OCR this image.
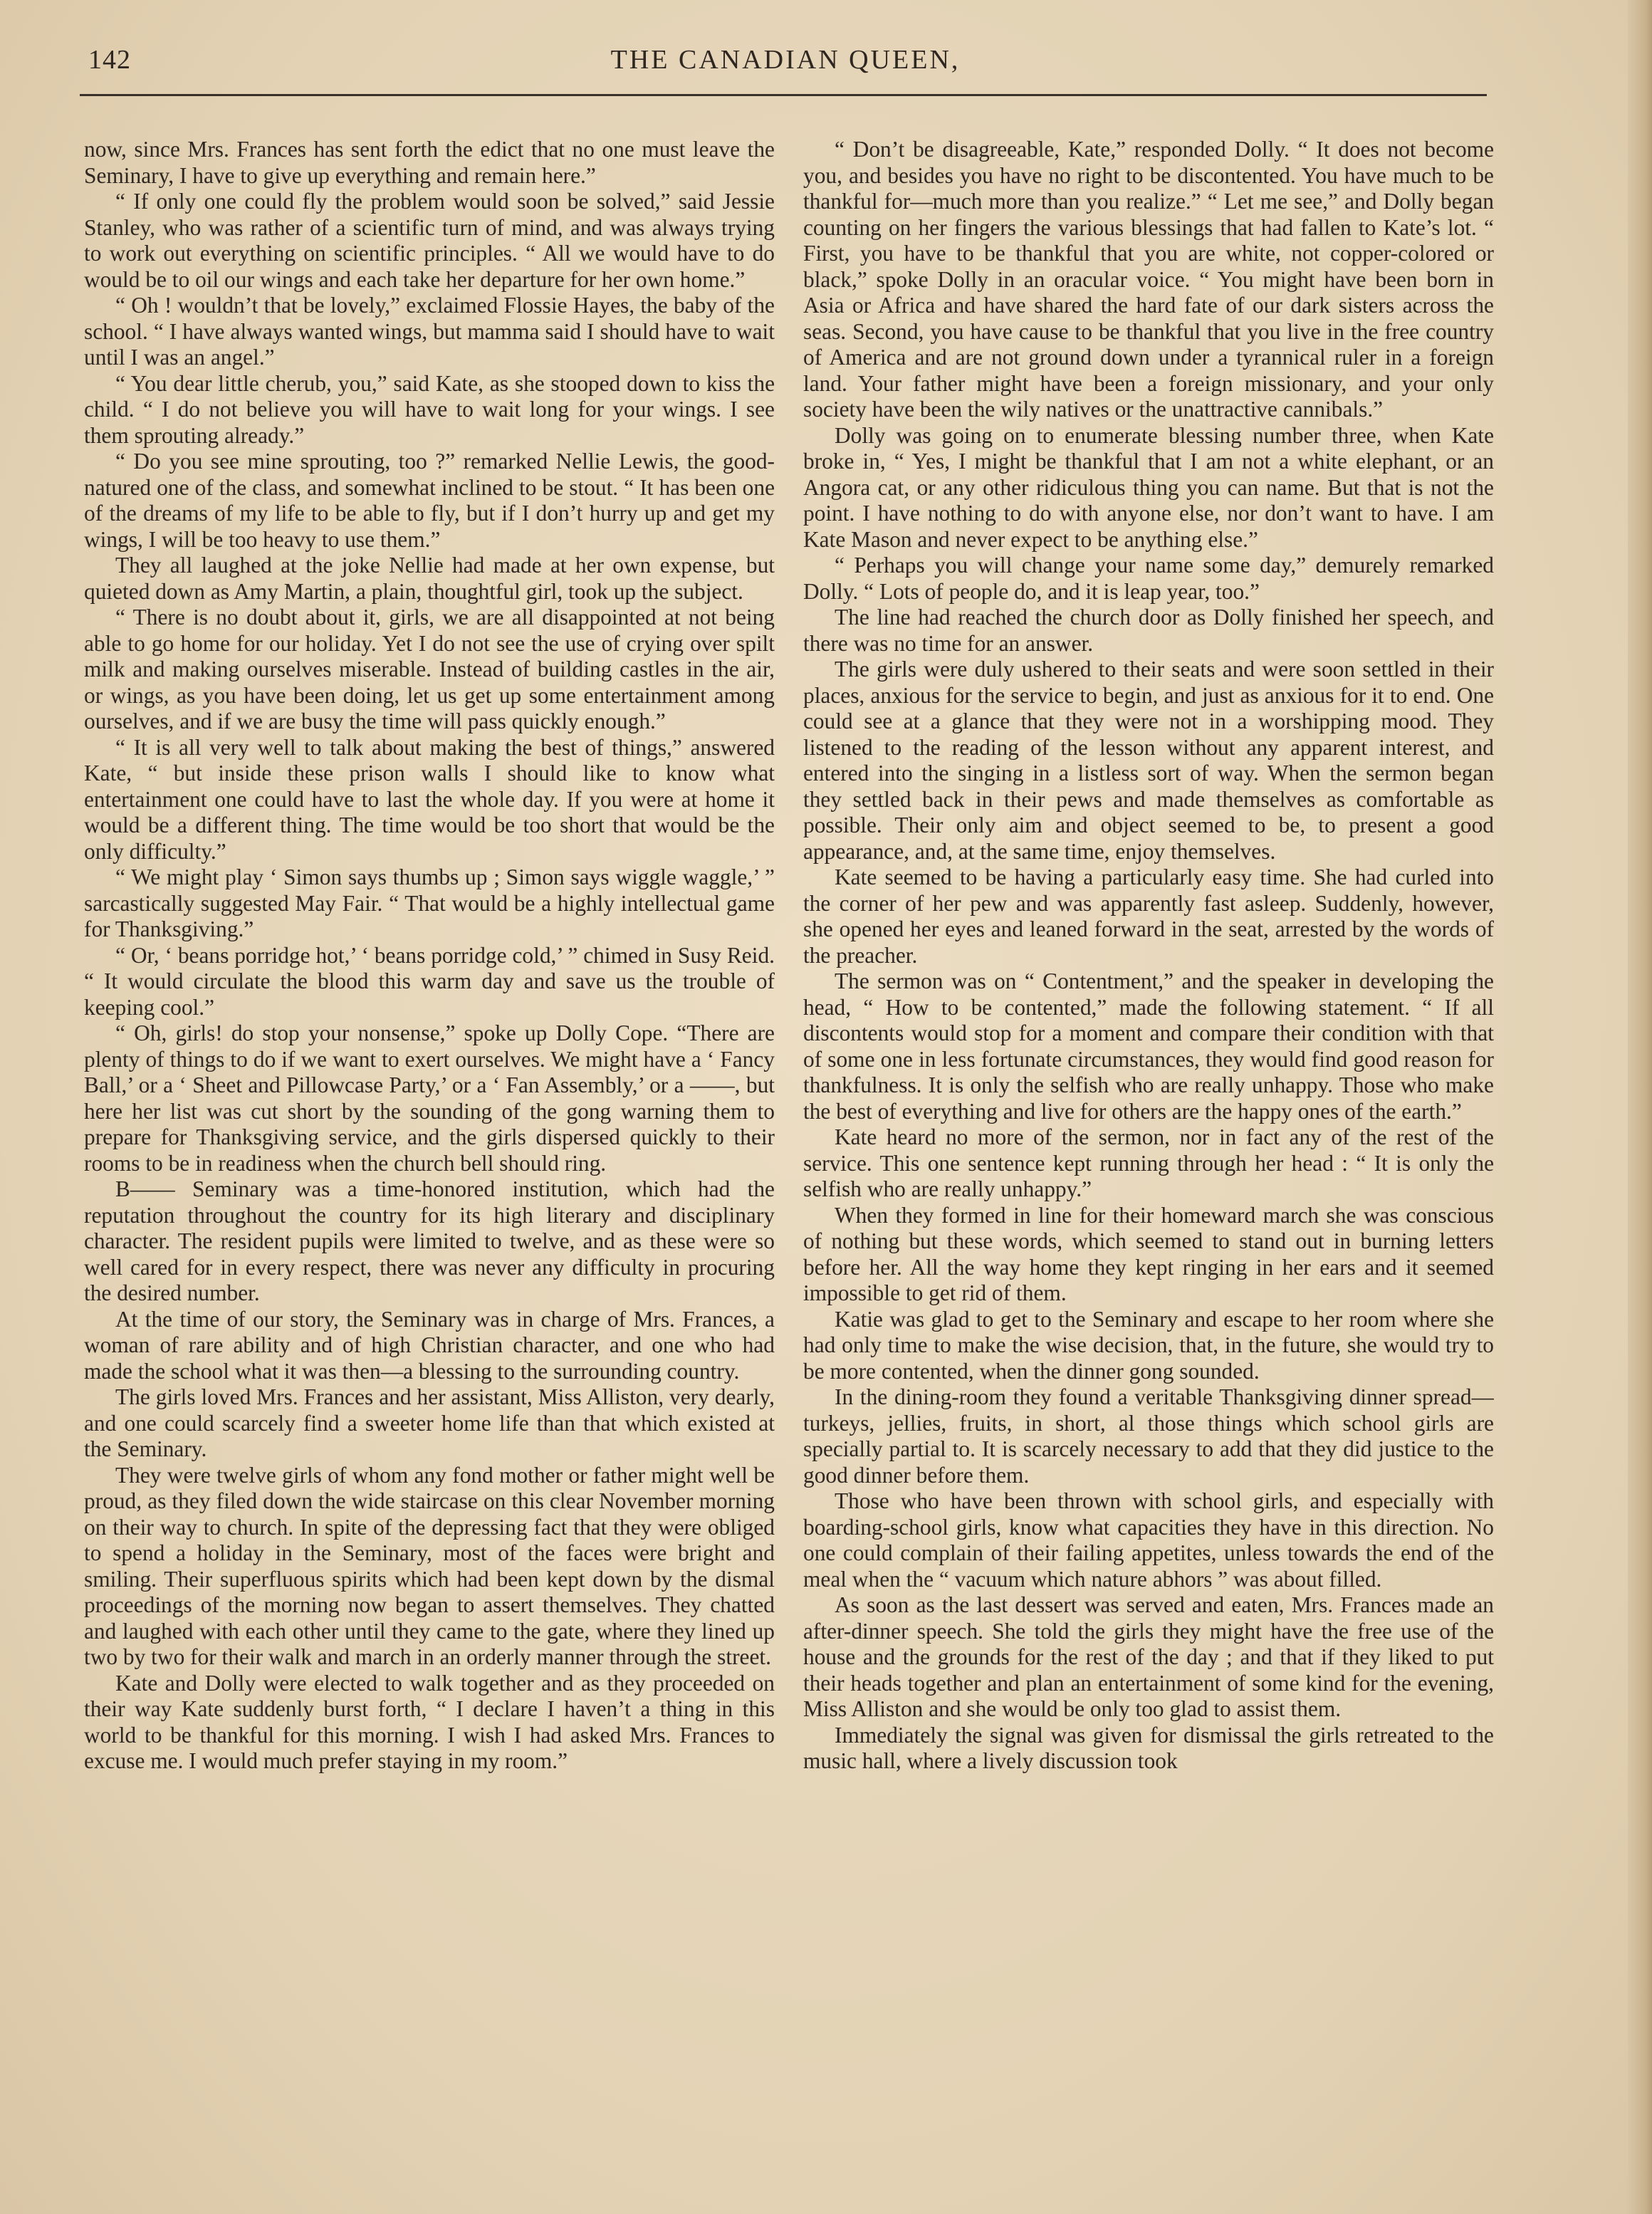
142	THE CANADIAN QUEEN,

now, since Mrs. Frances has sent forth the edict that no one must leave the Seminary, I have to give up everything and remain here.”

“ If only one could fly the problem would soon be solved,” said Jessie Stanley, who was rather of a scientific turn of mind, and was always trying to work out everything on scientific principles. “ All we would have to do would be to oil our wings and each take her departure for her own home.”

“ Oh ! wouldn’t that be lovely,” exclaimed Flossie Hayes, the baby of the school. “ I have always wanted wings, but mamma said I should have to wait until I was an angel.”

“ You dear little cherub, you,” said Kate, as she stooped down to kiss the child. “ I do not believe you will have to wait long for your wings. I see them sprouting already.”

“ Do you see mine sprouting, too ?” remarked Nellie Lewis, the good-natured one of the class, and somewhat inclined to be stout. “ It has been one of the dreams of my life to be able to fly, but if I don’t hurry up and get my wings, I will be too heavy to use them.”

They all laughed at the joke Nellie had made at her own expense, but quieted down as Amy Martin, a plain, thoughtful girl, took up the subject.

“ There is no doubt about it, girls, we are all disappointed at not being able to go home for our holiday. Yet I do not see the use of crying over spilt milk and making ourselves miserable. Instead of building castles in the air, or wings, as you have been doing, let us get up some entertainment among ourselves, and if we are busy the time will pass quickly enough.”

“ It is all very well to talk about making the best of things,” answered Kate, “ but inside these prison walls I should like to know what entertainment one could have to last the whole day. If you were at home it would be a different thing. The time would be too short that would be the only difficulty.”

“ We might play ‘ Simon says thumbs up ; Simon says wiggle waggle,’ ” sarcastically suggested May Fair. “ That would be a highly intellectual game for Thanksgiving.”

“ Or, ‘ beans porridge hot,’ ‘ beans porridge cold,’ ” chimed in Susy Reid. “ It would circulate the blood this warm day and save us the trouble of keeping cool.”

“ Oh, girls! do stop your nonsense,” spoke up Dolly Cope. “There are plenty of things to do if we want to exert ourselves. We might have a ‘ Fancy Ball,’ or a ‘ Sheet and Pillowcase Party,’ or a ‘ Fan Assembly,’ or a ——, but here her list was cut short by the sounding of the gong warning them to prepare for Thanksgiving service, and the girls dispersed quickly to their rooms to be in readiness when the church bell should ring.

B—— Seminary was a time-honored institution, which had the reputation throughout the country for its high literary and disciplinary character. The resident pupils were limited to twelve, and as these were so well cared for in every respect, there was never any difficulty in procuring the desired number.

At the time of our story, the Seminary was in charge of Mrs. Frances, a woman of rare ability and of high Christian character, and one who had made the school what it was then—a blessing to the surrounding country.

The girls loved Mrs. Frances and her assistant, Miss Alliston, very dearly, and one could scarcely find a sweeter home life than that which existed at the Seminary.

They were twelve girls of whom any fond mother or father might well be proud, as they filed down the wide staircase on this clear November morning on their way to church. In spite of the depressing fact that they were obliged to spend a holiday in the Seminary, most of the faces were bright and smiling. Their superfluous spirits which had been kept down by the dismal proceedings of the morning now began to assert themselves. They chatted and laughed with each other until they came to the gate, where they lined up two by two for their walk and march in an orderly manner through the street.

Kate and Dolly were elected to walk together and as they proceeded on their way Kate suddenly burst forth, “ I declare I haven’t a thing in this world to be thankful for this morning. I wish I had asked Mrs. Frances to excuse me. I would much prefer staying in my room.”

“ Don’t be disagreeable, Kate,” responded Dolly. “ It does not become you, and besides you have no right to be discontented. You have much to be thankful for—much more than you realize.” “ Let me see,” and Dolly began counting on her fingers the various blessings that had fallen to Kate’s lot. “ First, you have to be thankful that you are white, not copper-colored or black,” spoke Dolly in an oracular voice. “ You might have been born in Asia or Africa and have shared the hard fate of our dark sisters across the seas. Second, you have cause to be thankful that you live in the free country of America and are not ground down under a tyrannical ruler in a foreign land. Your father might have been a foreign missionary, and your only society have been the wily natives or the unattractive cannibals.”

Dolly was going on to enumerate blessing number three, when Kate broke in, “ Yes, I might be thankful that I am not a white elephant, or an Angora cat, or any other ridiculous thing you can name. But that is not the point. I have nothing to do with anyone else, nor don’t want to have. I am Kate Mason and never expect to be anything else.”

“ Perhaps you will change your name some day,” demurely remarked Dolly. “ Lots of people do, and it is leap year, too.”

The line had reached the church door as Dolly finished her speech, and there was no time for an answer.

The girls were duly ushered to their seats and were soon settled in their places, anxious for the service to begin, and just as anxious for it to end. One could see at a glance that they were not in a worshipping mood. They listened to the reading of the lesson without any apparent interest, and entered into the singing in a listless sort of way. When the sermon began they settled back in their pews and made themselves as comfortable as possible. Their only aim and object seemed to be, to present a good appearance, and, at the same time, enjoy themselves.

Kate seemed to be having a particularly easy time. She had curled into the corner of her pew and was apparently fast asleep. Suddenly, however, she opened her eyes and leaned forward in the seat, arrested by the words of the preacher.

The sermon was on “ Contentment,” and the speaker in developing the head, “ How to be contented,” made the following statement. “ If all discontents would stop for a moment and compare their condition with that of some one in less fortunate circumstances, they would find good reason for thankfulness. It is only the selfish who are really unhappy. Those who make the best of everything and live for others are the happy ones of the earth.”

Kate heard no more of the sermon, nor in fact any of the rest of the service. This one sentence kept running through her head : “ It is only the selfish who are really unhappy.”

When they formed in line for their homeward march she was conscious of nothing but these words, which seemed to stand out in burning letters before her. All the way home they kept ringing in her ears and it seemed impossible to get rid of them.

Katie was glad to get to the Seminary and escape to her room where she had only time to make the wise decision, that, in the future, she would try to be more contented, when the dinner gong sounded.

In the dining-room they found a veritable Thanksgiving dinner spread—turkeys, jellies, fruits, in short, al those things which school girls are specially partial to. It is scarcely necessary to add that they did justice to the good dinner before them.

Those who have been thrown with school girls, and especially with boarding-school girls, know what capacities they have in this direction. No one could complain of their failing appetites, unless towards the end of the meal when the “ vacuum which nature abhors ” was about filled.

As soon as the last dessert was served and eaten, Mrs. Frances made an after-dinner speech. She told the girls they might have the free use of the house and the grounds for the rest of the day ; and that if they liked to put their heads together and plan an entertainment of some kind for the evening, Miss Alliston and she would be only too glad to assist them.

Immediately the signal was given for dismissal the girls retreated to the music hall, where a lively discussion took
